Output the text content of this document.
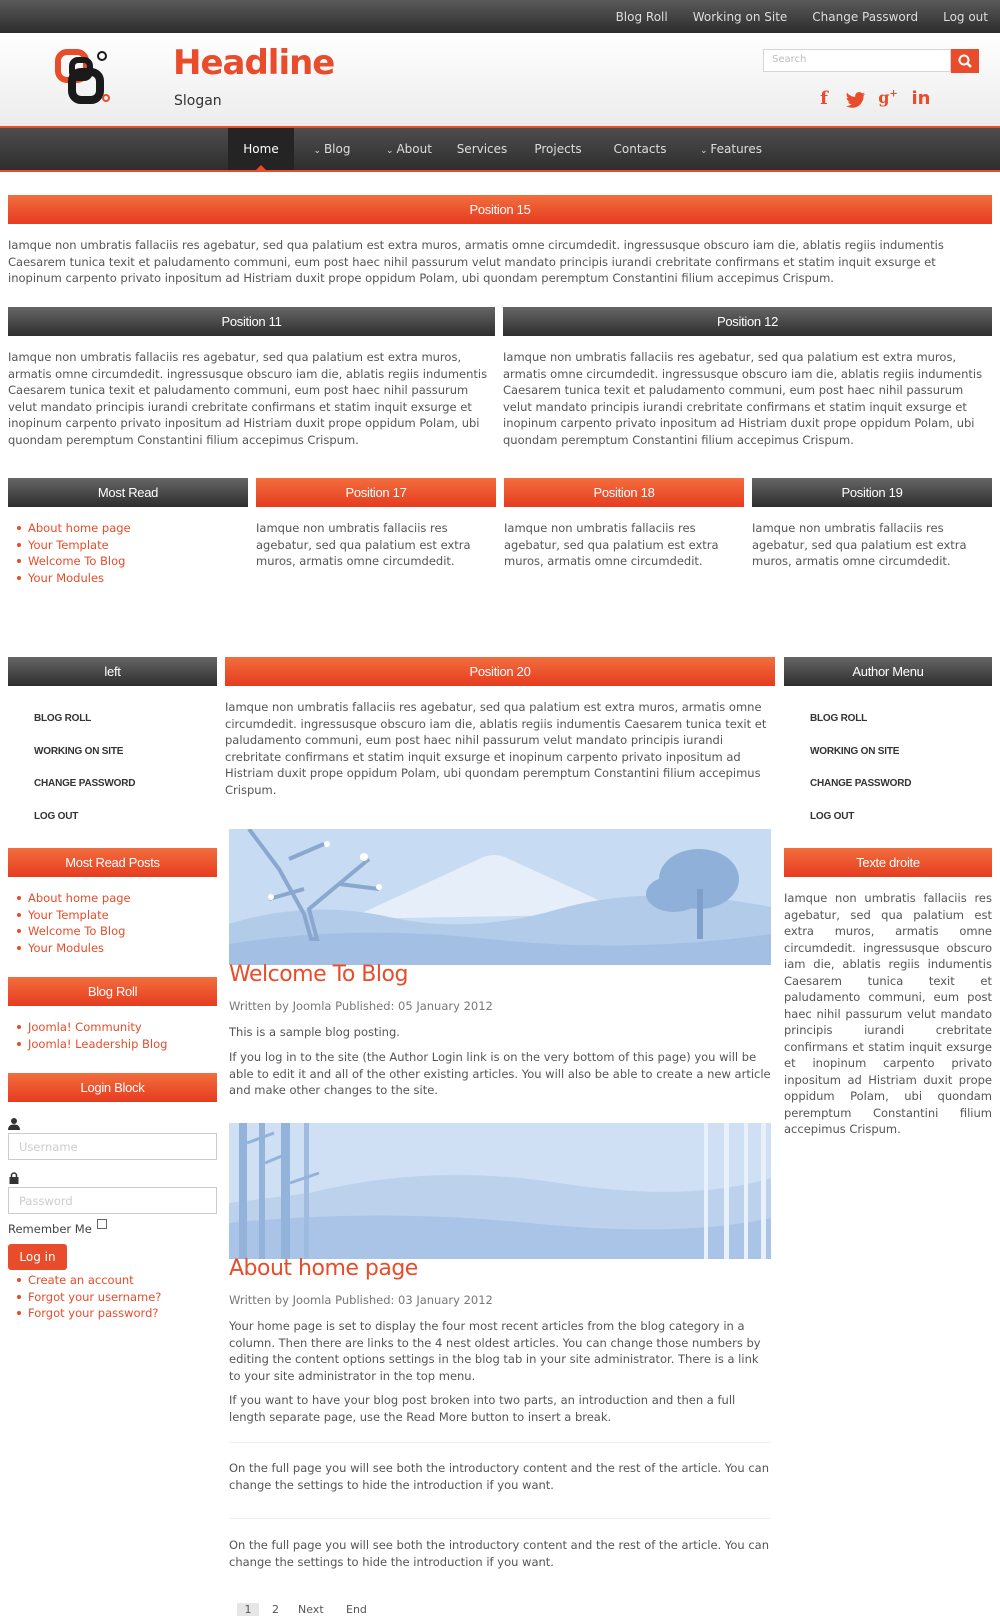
Blog Roll Working on Site Change Password Log out
Headline
Slogan
Search
f	g+ in
Home	⌄ Blog	⌄ About	Services	Projects	Contacts	⌄ Features
Position 15
Iamque non umbratis fallaciis res agebatur, sed qua palatium est extra muros, armatis omne circumdedit. ingressusque obscuro iam die, ablatis regiis indumentis Caesarem tunica texit et paludamento communi, eum post haec nihil passurum velut mandato principis iurandi crebritate confirmans et statim inquit exsurge et inopinum carpento privato inpositum ad Histriam duxit prope oppidum Polam, ubi quondam peremptum Constantini filium accepimus Crispum.
Position 11
Iamque non umbratis fallaciis res agebatur, sed qua palatium est extra muros, armatis omne circumdedit. ingressusque obscuro iam die, ablatis regiis indumentis Caesarem tunica texit et paludamento communi, eum post haec nihil passurum velut mandato principis iurandi crebritate confirmans et statim inquit exsurge et inopinum carpento privato inpositum ad Histriam duxit prope oppidum Polam, ubi quondam peremptum Constantini filium accepimus Crispum.
Position 12
Iamque non umbratis fallaciis res agebatur, sed qua palatium est extra muros, armatis omne circumdedit. ingressusque obscuro iam die, ablatis regiis indumentis Caesarem tunica texit et paludamento communi, eum post haec nihil passurum velut mandato principis iurandi crebritate confirmans et statim inquit exsurge et inopinum carpento privato inpositum ad Histriam duxit prope oppidum Polam, ubi quondam peremptum Constantini filium accepimus Crispum.
Most Read
About home page
Your Template
Welcome To Blog
Your Modules
Position 17
Iamque non umbratis fallaciis res agebatur, sed qua palatium est extra muros, armatis omne circumdedit.
Position 18
Iamque non umbratis fallaciis res agebatur, sed qua palatium est extra muros, armatis omne circumdedit.
Position 19
Iamque non umbratis fallaciis res agebatur, sed qua palatium est extra muros, armatis omne circumdedit.
left
BLOG ROLL
WORKING ON SITE
CHANGE PASSWORD
LOG OUT
Most Read Posts
About home page
Your Template
Welcome To Blog
Your Modules
Blog Roll
Joomla! Community
Joomla! Leadership Blog
Login Block
Username
Password
Remember Me
Log in
Create an account
Forgot your username?
Forgot your password?
Position 20
Iamque non umbratis fallaciis res agebatur, sed qua palatium est extra muros, armatis omne circumdedit. ingressusque obscuro iam die, ablatis regiis indumentis Caesarem tunica texit et paludamento communi, eum post haec nihil passurum velut mandato principis iurandi crebritate confirmans et statim inquit exsurge et inopinum carpento privato inpositum ad Histriam duxit prope oppidum Polam, ubi quondam peremptum Constantini filium accepimus Crispum.
Welcome To Blog
Written by Joomla Published: 05 January 2012
This is a sample blog posting.
If you log in to the site (the Author Login link is on the very bottom of this page) you will be able to edit it and all of the other existing articles. You will also be able to create a new article and make other changes to the site.
About home page
Written by Joomla Published: 03 January 2012
Your home page is set to display the four most recent articles from the blog category in a column. Then there are links to the 4 nest oldest articles. You can change those numbers by editing the content options settings in the blog tab in your site administrator. There is a link to your site administrator in the top menu.
If you want to have your blog post broken into two parts, an introduction and then a full length separate page, use the Read More button to insert a break.
On the full page you will see both the introductory content and the rest of the article. You can change the settings to hide the introduction if you want.
On the full page you will see both the introductory content and the rest of the article. You can change the settings to hide the introduction if you want.
1	2 Next End
Author Menu
BLOG ROLL
WORKING ON SITE
CHANGE PASSWORD
LOG OUT
Texte droite
Iamque non umbratis fallaciis res agebatur, sed qua palatium est extra muros, armatis omne circumdedit. ingressusque obscuro iam die, ablatis regiis indumentis Caesarem tunica texit et paludamento communi, eum post haec nihil passurum velut mandato principis iurandi crebritate confirmans et statim inquit exsurge et inopinum carpento privato inpositum ad Histriam duxit prope oppidum Polam, ubi quondam peremptum Constantini filium accepimus Crispum.
